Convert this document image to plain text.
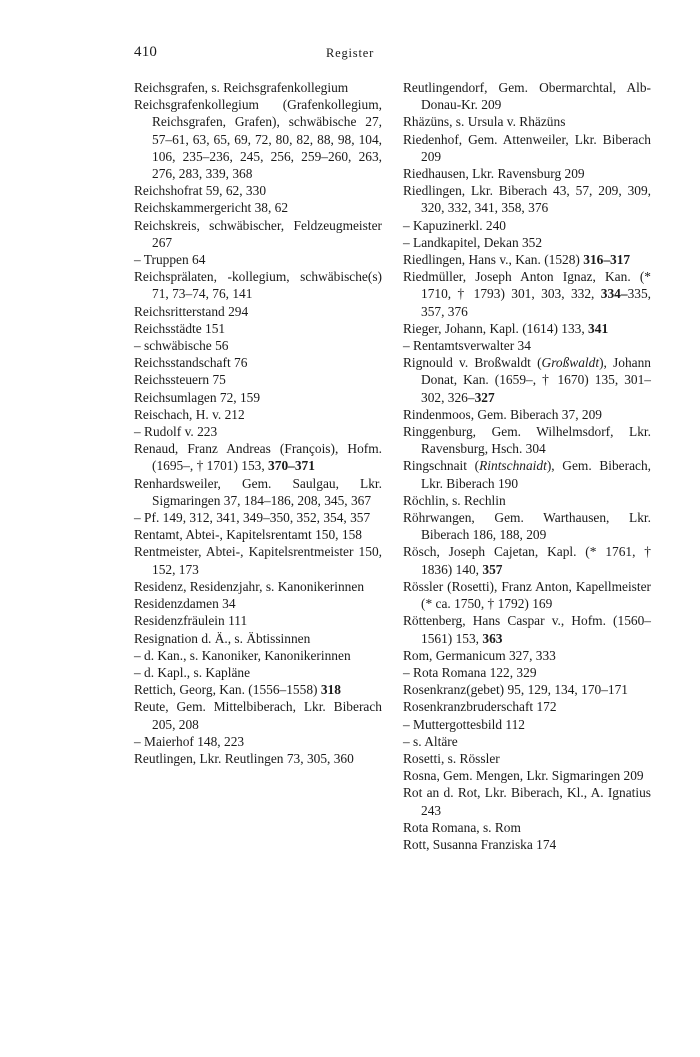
410	Register
Reichsgrafen, s. Reichsgrafenkollegium
Reichsgrafenkollegium (Grafenkollegium, Reichsgrafen, Grafen), schwäbische 27, 57–61, 63, 65, 69, 72, 80, 82, 88, 98, 104, 106, 235–236, 245, 256, 259–260, 263, 276, 283, 339, 368
Reichshofrat 59, 62, 330
Reichskammergericht 38, 62
Reichskreis, schwäbischer, Feldzeugmeister 267
– Truppen 64
Reichsprälaten, -kollegium, schwäbische(s) 71, 73–74, 76, 141
Reichsritterstand 294
Reichsstädte 151
– schwäbische 56
Reichsstandschaft 76
Reichssteuern 75
Reichsumlagen 72, 159
Reischach, H. v. 212
– Rudolf v. 223
Renaud, Franz Andreas (François), Hofm. (1695–, † 1701) 153, 370–371
Renhardsweiler, Gem. Saulgau, Lkr. Sigmaringen 37, 184–186, 208, 345, 367
– Pf. 149, 312, 341, 349–350, 352, 354, 357
Rentamt, Abtei-, Kapitelsrentamt 150, 158
Rentmeister, Abtei-, Kapitelsrentmeister 150, 152, 173
Residenz, Residenzjahr, s. Kanonikerinnen
Residenzdamen 34
Residenzfräulein 111
Resignation d. Ä., s. Äbtissinnen
– d. Kan., s. Kanoniker, Kanonikerinnen
– d. Kapl., s. Kapläne
Rettich, Georg, Kan. (1556–1558) 318
Reute, Gem. Mittelbiberach, Lkr. Biberach 205, 208
– Maierhof 148, 223
Reutlingen, Lkr. Reutlingen 73, 305, 360
Reutlingendorf, Gem. Obermarchtal, Alb-Donau-Kr. 209
Rhäzüns, s. Ursula v. Rhäzüns
Riedenhof, Gem. Attenweiler, Lkr. Biberach 209
Riedhausen, Lkr. Ravensburg 209
Riedlingen, Lkr. Biberach 43, 57, 209, 309, 320, 332, 341, 358, 376
– Kapuzinerkl. 240
– Landkapitel, Dekan 352
Riedlingen, Hans v., Kan. (1528) 316–317
Riedmüller, Joseph Anton Ignaz, Kan. (* 1710, † 1793) 301, 303, 332, 334–335, 357, 376
Rieger, Johann, Kapl. (1614) 133, 341
– Rentamtsverwalter 34
Rignould v. Broßwaldt (Großwaldt), Johann Donat, Kan. (1659–, † 1670) 135, 301–302, 326–327
Rindenmoos, Gem. Biberach 37, 209
Ringgenburg, Gem. Wilhelmsdorf, Lkr. Ravensburg, Hsch. 304
Ringschnait (Rintschnaidt), Gem. Biberach, Lkr. Biberach 190
Röchlin, s. Rechlin
Röhrwangen, Gem. Warthausen, Lkr. Biberach 186, 188, 209
Rösch, Joseph Cajetan, Kapl. (* 1761, † 1836) 140, 357
Rössler (Rosetti), Franz Anton, Kapellmeister (* ca. 1750, † 1792) 169
Röttenberg, Hans Caspar v., Hofm. (1560–1561) 153, 363
Rom, Germanicum 327, 333
– Rota Romana 122, 329
Rosenkranz(gebet) 95, 129, 134, 170–171
Rosenkranzbruderschaft 172
– Muttergottesbild 112
– s. Altäre
Rosetti, s. Rössler
Rosna, Gem. Mengen, Lkr. Sigmaringen 209
Rot an d. Rot, Lkr. Biberach, Kl., A. Ignatius 243
Rota Romana, s. Rom
Rott, Susanna Franziska 174
